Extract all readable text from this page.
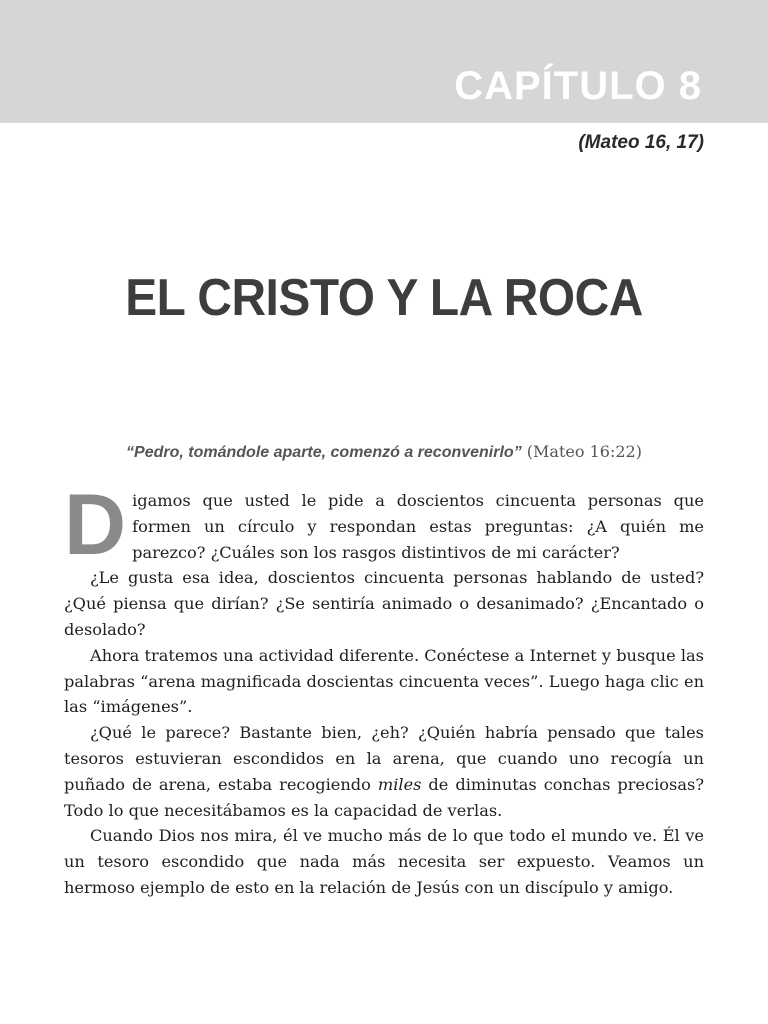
CAPÍTULO 8
(Mateo 16, 17)
EL CRISTO Y LA ROCA
“Pedro, tomándole aparte, comenzó a reconvenirlo” (Mateo 16:22)

Digamos que usted le pide a doscientos cincuenta personas que formen un círculo y respondan estas preguntas: ¿A quién me parezco? ¿Cuáles son los rasgos distintivos de mi carácter?

¿Le gusta esa idea, doscientos cincuenta personas hablando de usted? ¿Qué piensa que dirían? ¿Se sentiría animado o desanimado? ¿Encantado o desolado?

Ahora tratemos una actividad diferente. Conéctese a Internet y busque las palabras “arena magnificada doscientas cincuenta veces”. Luego haga clic en las “imágenes”.

¿Qué le parece? Bastante bien, ¿eh? ¿Quién habría pensado que tales tesoros estuvieran escondidos en la arena, que cuando uno recogía un puñado de arena, estaba recogiendo miles de diminutas conchas preciosas? Todo lo que necesitábamos es la capacidad de verlas.

Cuando Dios nos mira, él ve mucho más de lo que todo el mundo ve. Él ve un tesoro escondido que nada más necesita ser expuesto. Veamos un hermoso ejemplo de esto en la relación de Jesús con un discípulo y amigo.
